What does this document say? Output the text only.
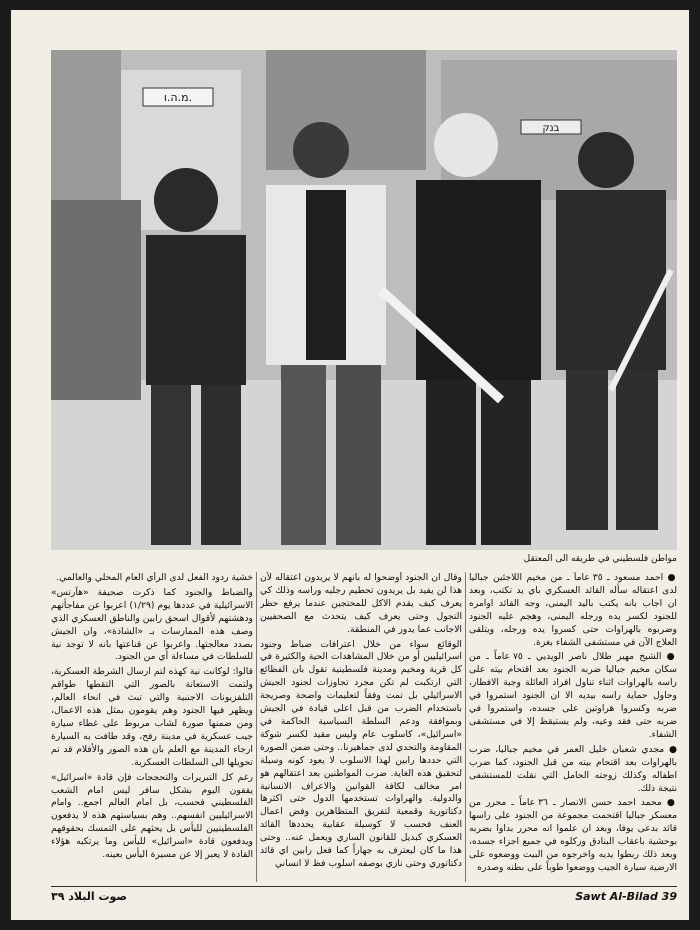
מ.ה.ו.
בנק
مواطن فلسطيني في طريقه الى المعتقل

● احمد مسعود ـ ٣٥ عاماً ـ من مخيم اللاجئين جباليا لدى اعتقاله سأله القائد العسكري باي يد تكتب، وبعد ان اجاب بانه يكتب باليد اليمنى، وجه القائد اوامره للجنود لكسر يده ورجله اليمنى، وهجم عليه الجنود وضربوه بالهراوات حتى كسروا يده ورجله، ويتلقى العلاج الآن في مستشفى الشفاء بغزة.

● الشيخ مهير طلال ناصر الويديي ـ ٧٥ عاماً ـ من سكان مخيم جباليا ضربه الجنود بعد اقتحام بيته على راسه بالهراوات اثناء تناول افراد العائلة وجبة الافطار، وحاول حماية راسه بيديه الا ان الجنود استمروا في ضربه وكسروا هراوتين على جسده، واستمروا في ضربه حتى فقد وعيه، ولم يستيقظ إلا في مستشفى الشفاء.

● مجدي شعبان خليل العمر في مخيم جباليا، ضرب بالهراوات بعد اقتحام بيته من قبل الجنود، كما ضرب اطفاله وكذلك زوجته الحامل التي نقلت للمستشفى نتيجة ذلك.

● محمد احمد حسن الانصار ـ ٣٦ عاماً ـ محرر من معسكر جباليا اقتحمت مجموعة من الجنود على راسها قائد بدعى يوفا، وبعد ان علموا انه محرر بداوا بضربه بوحشية باعقاب البنادق وركلوه في جميع اجزاء جسده، وبعد ذلك ربطوا يديه واخرجوه من البيت ووضعوه على الارضية سيارة الجيب ووضعوا طوباً على بطنه وصدره

وقال ان الجنود أوضحوا له بانهم لا يريدون اعتقاله لأن هذا لن يفيد بل يريدون تحطيم رجليه وراسه وذلك كي يعرف كيف يقدم الاكل للمحتجين عندما يرفع حظر التجول وحتى يعرف كيف يتحدث مع الصحفيين الاجانب عما يدور في المنطقة.

الوقائع سواء من خلال اعترافات ضباط وجنود اسرائيليين أو من خلال المشاهدات الحية والكثيرة في كل قرية ومخيم ومدينة فلسطينية تقول بان الفظائع التي ارتكبت لم تكن مجرد تجاوزات لجنود الجيش الاسرائيلي بل تمت وفقاً لتعليمات واضحة وصريحة باستخدام الضرب من قبل اعلى قيادة في الجيش وبموافقة ودعم السلطة السياسية الحاكمة في «اسرائيل»، كاسلوب عام وليس مقيد لكسر شوكة المقاومة والتحدي لدى جماهيرنا.. وحتى ضمن الصورة التي حددها رابين لهذا الاسلوب لا يعود كونه وسيلة لتحقيق هذه الغاية. ضرب المواطنين بعد اعتقالهم هو امر مخالف لكافة القوانين والاعراف الانسانية والدولية. والهراوات تستخدمها الدول حتى اكثرها دكتاتورية وقمعية لتفريق المتظاهرين وفض اعمال العنف فحسب لا كوسيلة عقابية يحددها القائد العسكري كبديل للقانون الساري ويعمل عنه.. وحتى هذا ما كان ليعترف به جهاراً كما فعل رابين اي قائد دكتاتوري وحتى نازي بوصفه اسلوب فظ لا انساني

خشية ردود الفعل لدى الرأي العام المحلي والعالمي.

والضباط والجنود كما ذكرت صحيفة «هآرتس» الاسرائيلية في عددها يوم (١/٢٩) اعربوا عن مفاجأتهم ودهشتهم لأقوال اسحق رابين والناطق العسكري الذي وصف هذه الممارسات بـ «الشاذة»، وان الجيش بصدد معالجتها. واعربوا عن قناعتها بانه لا توجد نية للسلطات في مساءلة أي من الجنود.

قالوا: لوكانت نية كهذه لتم ارسال الشرطة العسكرية، ولتمت الاستعانة بالصور التي التقطها طواقم التلفزيونات الاجنبية والتي تبث في انحاء العالم، ويظهر فيها الجنود وهم يقومون بمثل هذه الاعمال، ومن ضمنها صورة لشاب مربوط على غطاء سيارة جيب عسكرية في مدينة رفح، وقد طافت به السيارة ارجاء المدينة مع العلم بان هذه الصور والأفلام قد تم تحويلها الى السلطات العسكرية.

رغم كل التبريرات والتحججات فإن قادة «اسرائيل» يقفون اليوم بشكل سافر ليس امام الشعب الفلسطيني فحسب، بل امام العالم اجمع.. وامام الاسرائيليين انفسهم.. وهم بسياستهم هذه لا يدفعون الفلسطينيين لليأس بل يحثهم على التمسك بحقوقهم ويدفعون قادة «اسرائيل» لليأس وما يرتكبه هؤلاء القادة لا يعبر إلا عن مسيرة اليأس بعينه.

صوت البلاد ٣٩	Sawt Al-Bilad 39
